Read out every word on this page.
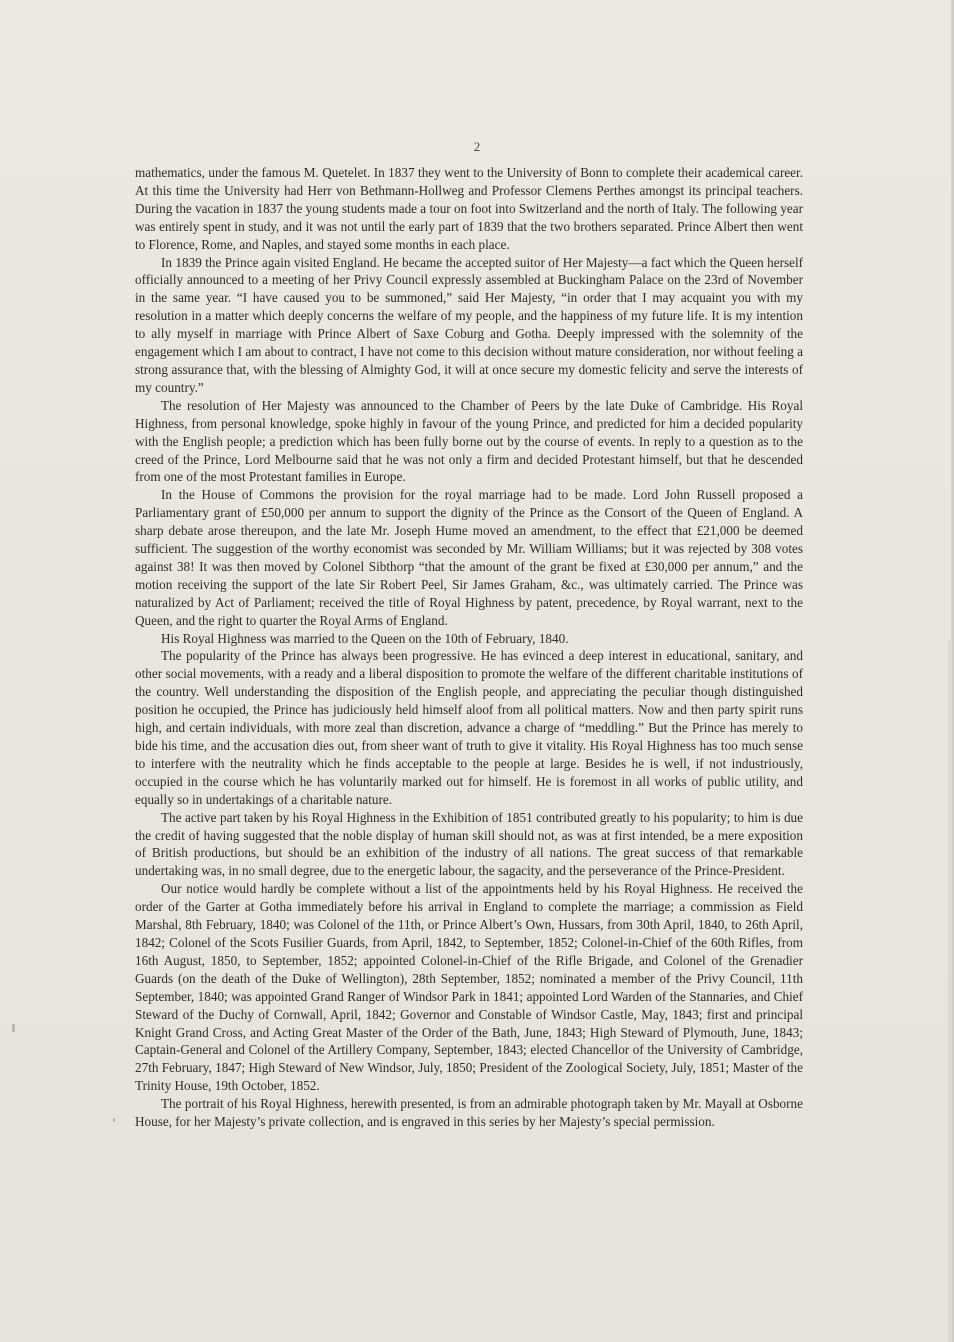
2

mathematics, under the famous M. Quetelet. In 1837 they went to the University of Bonn to complete their academical career. At this time the University had Herr von Bethmann-Hollweg and Professor Clemens Perthes amongst its principal teachers. During the vacation in 1837 the young students made a tour on foot into Switzerland and the north of Italy. The following year was entirely spent in study, and it was not until the early part of 1839 that the two brothers separated. Prince Albert then went to Florence, Rome, and Naples, and stayed some months in each place.

In 1839 the Prince again visited England. He became the accepted suitor of Her Majesty—a fact which the Queen herself officially announced to a meeting of her Privy Council expressly assembled at Buckingham Palace on the 23rd of November in the same year. “I have caused you to be summoned,” said Her Majesty, “in order that I may acquaint you with my resolution in a matter which deeply concerns the welfare of my people, and the happiness of my future life. It is my intention to ally myself in marriage with Prince Albert of Saxe Coburg and Gotha. Deeply impressed with the solemnity of the engagement which I am about to contract, I have not come to this decision without mature consideration, nor without feeling a strong assurance that, with the blessing of Almighty God, it will at once secure my domestic felicity and serve the interests of my country.”

The resolution of Her Majesty was announced to the Chamber of Peers by the late Duke of Cambridge. His Royal Highness, from personal knowledge, spoke highly in favour of the young Prince, and predicted for him a decided popularity with the English people; a prediction which has been fully borne out by the course of events. In reply to a question as to the creed of the Prince, Lord Melbourne said that he was not only a firm and decided Protestant himself, but that he descended from one of the most Protestant families in Europe.

In the House of Commons the provision for the royal marriage had to be made. Lord John Russell proposed a Parliamentary grant of £50,000 per annum to support the dignity of the Prince as the Consort of the Queen of England. A sharp debate arose thereupon, and the late Mr. Joseph Hume moved an amendment, to the effect that £21,000 be deemed sufficient. The suggestion of the worthy economist was seconded by Mr. William Williams; but it was rejected by 308 votes against 38! It was then moved by Colonel Sibthorp “that the amount of the grant be fixed at £30,000 per annum,” and the motion receiving the support of the late Sir Robert Peel, Sir James Graham, &c., was ultimately carried. The Prince was naturalized by Act of Parliament; received the title of Royal Highness by patent, precedence, by Royal warrant, next to the Queen, and the right to quarter the Royal Arms of England.

His Royal Highness was married to the Queen on the 10th of February, 1840.

The popularity of the Prince has always been progressive. He has evinced a deep interest in educational, sanitary, and other social movements, with a ready and a liberal disposition to promote the welfare of the different charitable institutions of the country. Well understanding the disposition of the English people, and appreciating the peculiar though distinguished position he occupied, the Prince has judiciously held himself aloof from all political matters. Now and then party spirit runs high, and certain individuals, with more zeal than discretion, advance a charge of “meddling.” But the Prince has merely to bide his time, and the accusation dies out, from sheer want of truth to give it vitality. His Royal Highness has too much sense to interfere with the neutrality which he finds acceptable to the people at large. Besides he is well, if not industriously, occupied in the course which he has voluntarily marked out for himself. He is foremost in all works of public utility, and equally so in undertakings of a charitable nature.

The active part taken by his Royal Highness in the Exhibition of 1851 contributed greatly to his popularity; to him is due the credit of having suggested that the noble display of human skill should not, as was at first intended, be a mere exposition of British productions, but should be an exhibition of the industry of all nations. The great success of that remarkable undertaking was, in no small degree, due to the energetic labour, the sagacity, and the perseverance of the Prince-President.

Our notice would hardly be complete without a list of the appointments held by his Royal Highness. He received the order of the Garter at Gotha immediately before his arrival in England to complete the marriage; a commission as Field Marshal, 8th February, 1840; was Colonel of the 11th, or Prince Albert’s Own, Hussars, from 30th April, 1840, to 26th April, 1842; Colonel of the Scots Fusilier Guards, from April, 1842, to September, 1852; Colonel-in-Chief of the 60th Rifles, from 16th August, 1850, to September, 1852; appointed Colonel-in-Chief of the Rifle Brigade, and Colonel of the Grenadier Guards (on the death of the Duke of Wellington), 28th September, 1852; nominated a member of the Privy Council, 11th September, 1840; was appointed Grand Ranger of Windsor Park in 1841; appointed Lord Warden of the Stannaries, and Chief Steward of the Duchy of Cornwall, April, 1842; Governor and Constable of Windsor Castle, May, 1843; first and principal Knight Grand Cross, and Acting Great Master of the Order of the Bath, June, 1843; High Steward of Plymouth, June, 1843; Captain-General and Colonel of the Artillery Company, September, 1843; elected Chancellor of the University of Cambridge, 27th February, 1847; High Steward of New Windsor, July, 1850; President of the Zoological Society, July, 1851; Master of the Trinity House, 19th October, 1852.

The portrait of his Royal Highness, herewith presented, is from an admirable photograph taken by Mr. Mayall at Osborne House, for her Majesty’s private collection, and is engraved in this series by her Majesty’s special permission.
